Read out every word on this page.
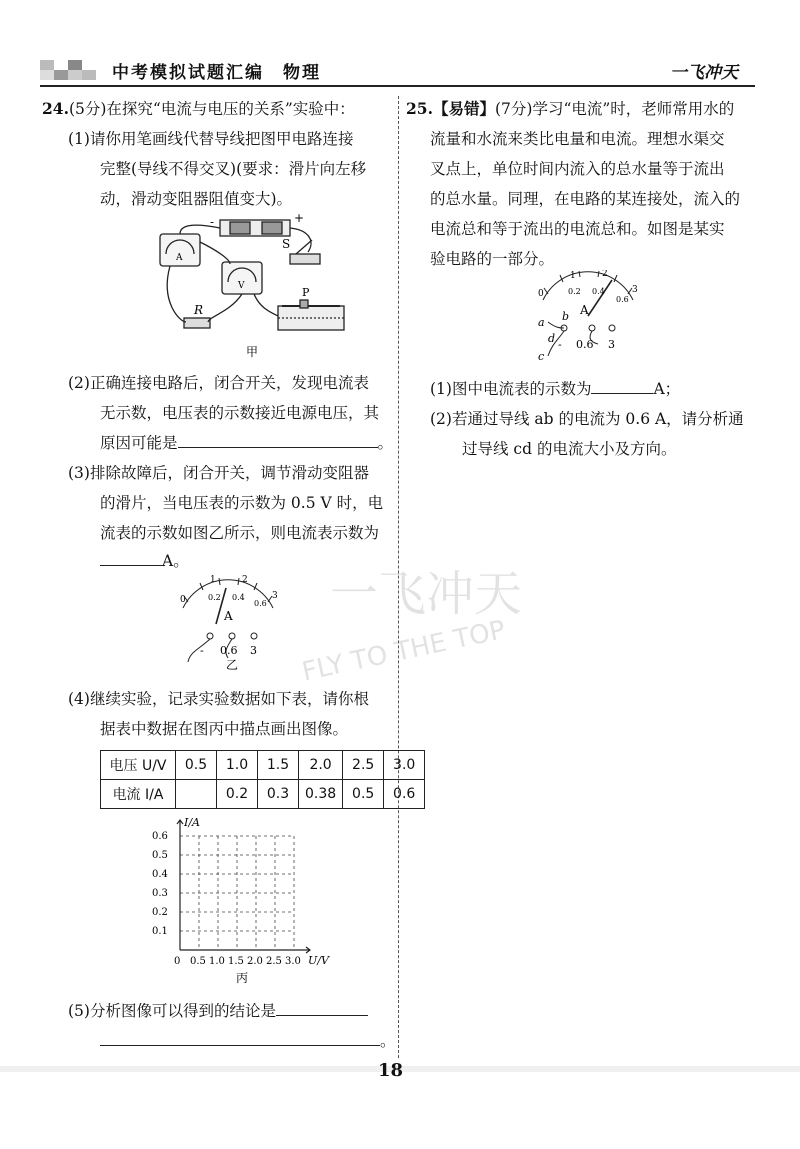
中考模拟试题汇编　物理	一飞冲天
一飞冲天
FLY TO THE TOP
24.(5分)在探究“电流与电压的关系”实验中：
(1)请你用笔画线代替导线把图甲电路连接
完整(导线不得交叉)(要求：滑片向左移
动，滑动变阻器阻值变大)。
-	+
S
R
P
A
V
甲
(2)正确连接电路后，闭合开关，发现电流表
无示数，电压表的示数接近电源电压，其
原因可能是	。
(3)排除故障后，闭合开关，调节滑动变阻器
的滑片，当电压表的示数为 0.5 V 时，电
流表的示数如图乙所示，则电流表示数为
A。
0
1	2
3
0.2 0.4
0.6
A
- 0.6 3
乙
(4)继续实验，记录实验数据如下表，请你根
据表中数据在图丙中描点画出图像。
电压 U/V	0.5	1.0	1.5	2.0	2.5	3.0
电流 I/A		0.2	0.3	0.38	0.5	0.6
I/A
0.1
0.2
0.3
0.4
0.5
0.6
0 0.5 1.0 1.5 2.0 2.5 3.0 U/V
丙
(5)分析图像可以得到的结论是
。
25.【易错】(7分)学习“电流”时，老师常用水的
流量和水流来类比电量和电流。理想水渠交
叉点上，单位时间内流入的总水量等于流出
的总水量。同理，在电路的某连接处，流入的
电流总和等于流出的电流总和。如图是某实
验电路的一部分。
0
1	2
3
0.2 0.4
0.6
A
a b
c
d - 0.6 3
(1)图中电流表的示数为	A；
(2)若通过导线 ab 的电流为 0.6 A，请分析通
过导线 cd 的电流大小及方向。
18
